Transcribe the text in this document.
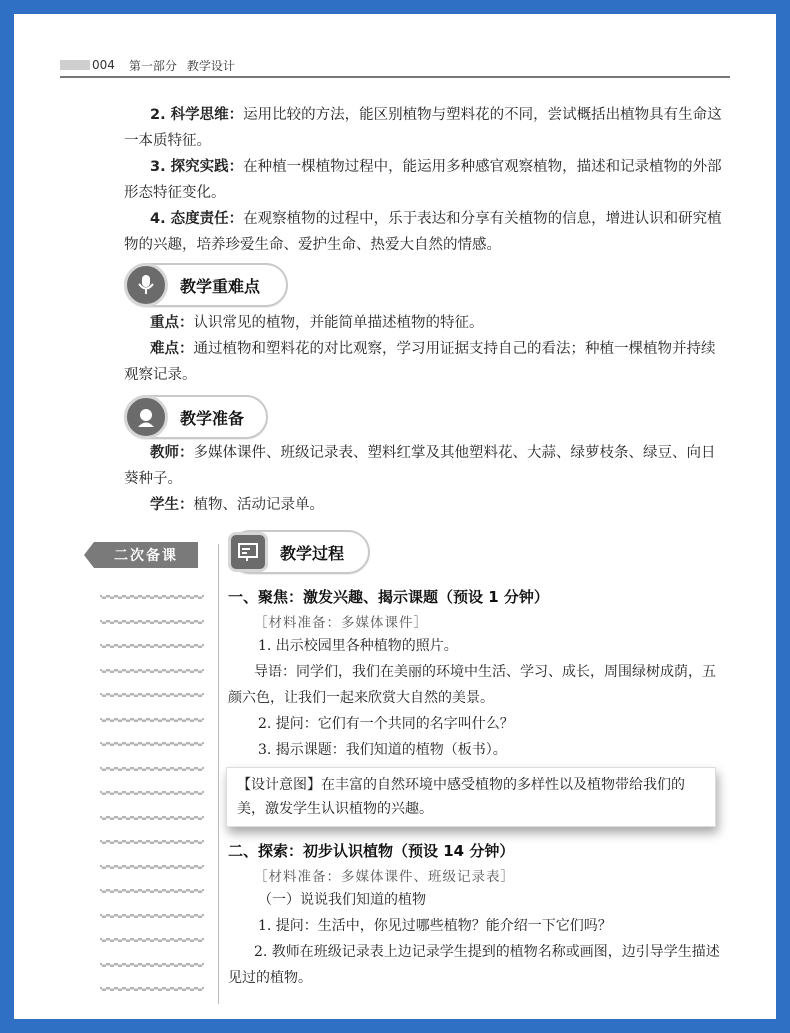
004 第一部分 教学设计
2. 科学思维：运用比较的方法，能区别植物与塑料花的不同，尝试概括出植物具有生命这一本质特征。
3. 探究实践：在种植一棵植物过程中，能运用多种感官观察植物，描述和记录植物的外部形态特征变化。
4. 态度责任：在观察植物的过程中，乐于表达和分享有关植物的信息，增进认识和研究植物的兴趣，培养珍爱生命、爱护生命、热爱大自然的情感。
教学重难点
重点：认识常见的植物，并能简单描述植物的特征。
难点：通过植物和塑料花的对比观察，学习用证据支持自己的看法；种植一棵植物并持续观察记录。
教学准备
教师：多媒体课件、班级记录表、塑料红掌及其他塑料花、大蒜、绿萝枝条、绿豆、向日葵种子。
学生：植物、活动记录单。
二次备课	教学过程
一、聚焦：激发兴趣、揭示课题（预设 1 分钟）
［材料准备：多媒体课件］
1. 出示校园里各种植物的照片。
导语：同学们，我们在美丽的环境中生活、学习、成长，周围绿树成荫，五颜六色，让我们一起来欣赏大自然的美景。
2. 提问：它们有一个共同的名字叫什么？
3. 揭示课题：我们知道的植物（板书）。
【设计意图】在丰富的自然环境中感受植物的多样性以及植物带给我们的美，激发学生认识植物的兴趣。
二、探索：初步认识植物（预设 14 分钟）
［材料准备：多媒体课件、班级记录表］
（一）说说我们知道的植物
1. 提问：生活中，你见过哪些植物？能介绍一下它们吗？
2. 教师在班级记录表上边记录学生提到的植物名称或画图，边引导学生描述见过的植物。
